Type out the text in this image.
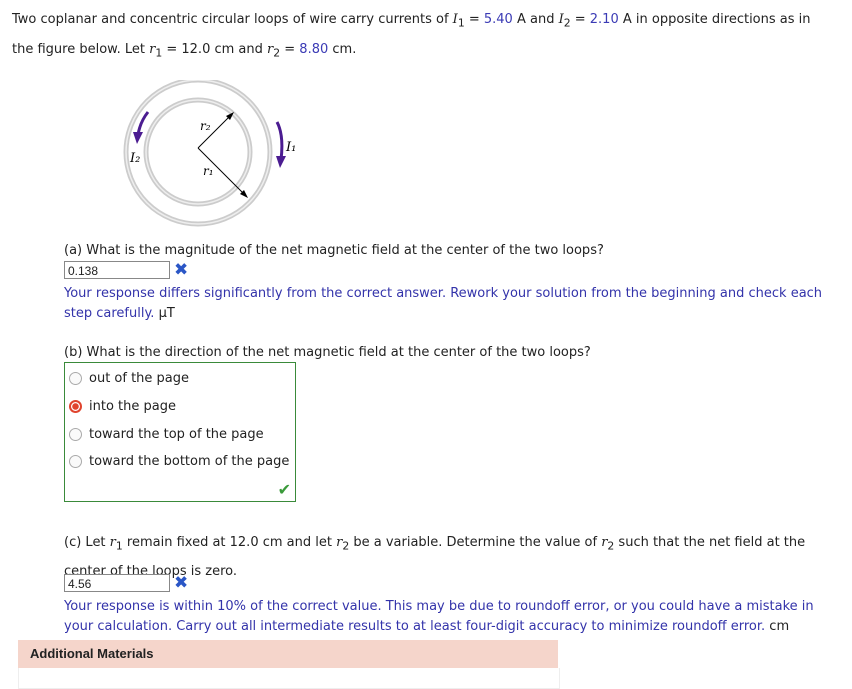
Two coplanar and concentric circular loops of wire carry currents of $I_1 = 5.40$ A and $I_2 = 2.10$ A in opposite directions as in
the figure below. Let $r_1 = 12.0$ cm and $r_2 = 8.80$ cm.
r₂
r₁
I₁
I₂
(a) What is the magnitude of the net magnetic field at the center of the two loops?
0.138	✖
Your response differs significantly from the correct answer. Rework your solution from the beginning and check each step carefully. μT
(b) What is the direction of the net magnetic field at the center of the two loops?
out of the page
into the page
toward the top of the page
toward the bottom of the page
✔
(c) Let $r_1$ remain fixed at 12.0 cm and let $r_2$ be a variable. Determine the value of $r_2$ such that the net field at the
center of the loops is zero.
4.56	✖
Your response is within 10% of the correct value. This may be due to roundoff error, or you could have a mistake in your calculation. Carry out all intermediate results to at least four-digit accuracy to minimize roundoff error. cm
Additional Materials
